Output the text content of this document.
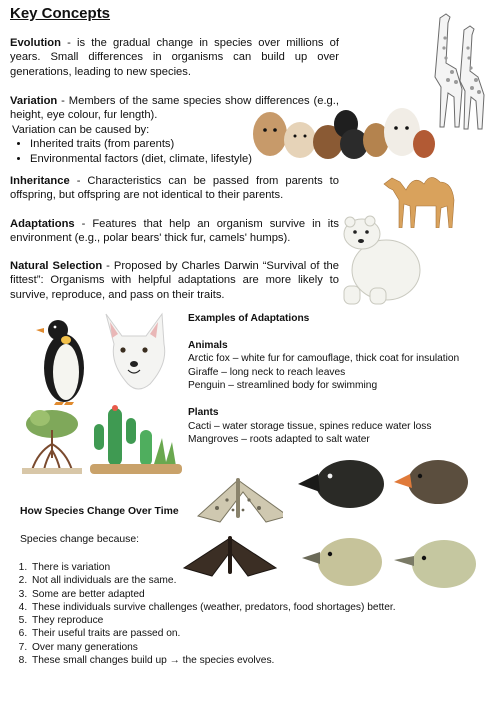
Key Concepts
Evolution - is the gradual change in species over millions of years. Small differences in organisms can build up over generations, leading to new species.
Variation - Members of the same species show differences (e.g., height, eye colour, fur length).
Variation can be caused by:
• Inherited traits (from parents)
• Environmental factors (diet, climate, lifestyle)
Inheritance - Characteristics can be passed from parents to offspring, but offspring are not identical to their parents.
Adaptations - Features that help an organism survive in its environment (e.g., polar bears' thick fur, camels' humps).
Natural Selection - Proposed by Charles Darwin “Survival of the fittest”: Organisms with helpful adaptations are more likely to survive, reproduce, and pass on their traits.
Examples of Adaptations
Animals
Arctic fox – white fur for camouflage, thick coat for insulation
Giraffe – long neck to reach leaves
Penguin – streamlined body for swimming
Plants
Cacti – water storage tissue, spines reduce water loss
Mangroves – roots adapted to salt water
How Species Change Over Time
Species change because:
1. There is variation
2. Not all individuals are the same.
3. Some are better adapted
4. These individuals survive challenges (weather, predators, food shortages) better.
5. They reproduce
6. Their useful traits are passed on.
7. Over many generations
8. These small changes build up → the species evolves.
